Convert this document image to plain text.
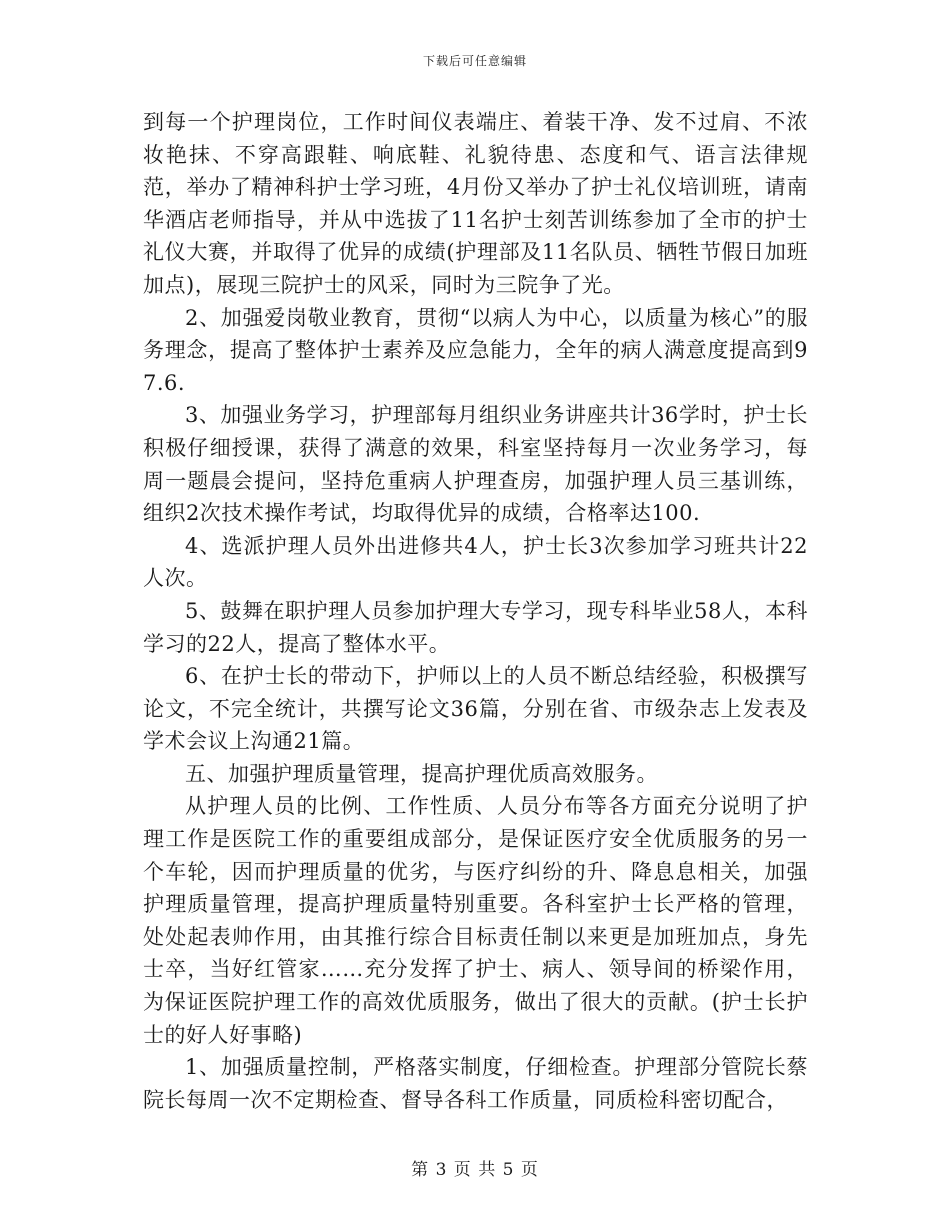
下载后可任意编辑

到每一个护理岗位，工作时间仪表端庄、着装干净、发不过肩、不浓妆艳抹、不穿高跟鞋、响底鞋、礼貌待患、态度和气、语言法律规范，举办了精神科护士学习班，4月份又举办了护士礼仪培训班，请南华酒店老师指导，并从中选拔了11名护士刻苦训练参加了全市的护士礼仪大赛，并取得了优异的成绩(护理部及11名队员、牺牲节假日加班加点)，展现三院护士的风采，同时为三院争了光。

2、加强爱岗敬业教育，贯彻“以病人为中心，以质量为核心”的服务理念，提高了整体护士素养及应急能力，全年的病人满意度提高到97.6.

3、加强业务学习，护理部每月组织业务讲座共计36学时，护士长积极仔细授课，获得了满意的效果，科室坚持每月一次业务学习，每周一题晨会提问，坚持危重病人护理查房，加强护理人员三基训练，组织2次技术操作考试，均取得优异的成绩，合格率达100.

4、选派护理人员外出进修共4人，护士长3次参加学习班共计22人次。

5、鼓舞在职护理人员参加护理大专学习，现专科毕业58人，本科学习的22人，提高了整体水平。

6、在护士长的带动下，护师以上的人员不断总结经验，积极撰写论文，不完全统计，共撰写论文36篇，分别在省、市级杂志上发表及学术会议上沟通21篇。

五、加强护理质量管理，提高护理优质高效服务。

从护理人员的比例、工作性质、人员分布等各方面充分说明了护理工作是医院工作的重要组成部分，是保证医疗安全优质服务的另一个车轮，因而护理质量的优劣，与医疗纠纷的升、降息息相关，加强护理质量管理，提高护理质量特别重要。各科室护士长严格的管理，处处起表帅作用，由其推行综合目标责任制以来更是加班加点，身先士卒，当好红管家……充分发挥了护士、病人、领导间的桥梁作用，为保证医院护理工作的高效优质服务，做出了很大的贡献。(护士长护士的好人好事略)

1、加强质量控制，严格落实制度，仔细检查。护理部分管院长蔡院长每周一次不定期检查、督导各科工作质量，同质检科密切配合，

第 3 页 共 5 页
